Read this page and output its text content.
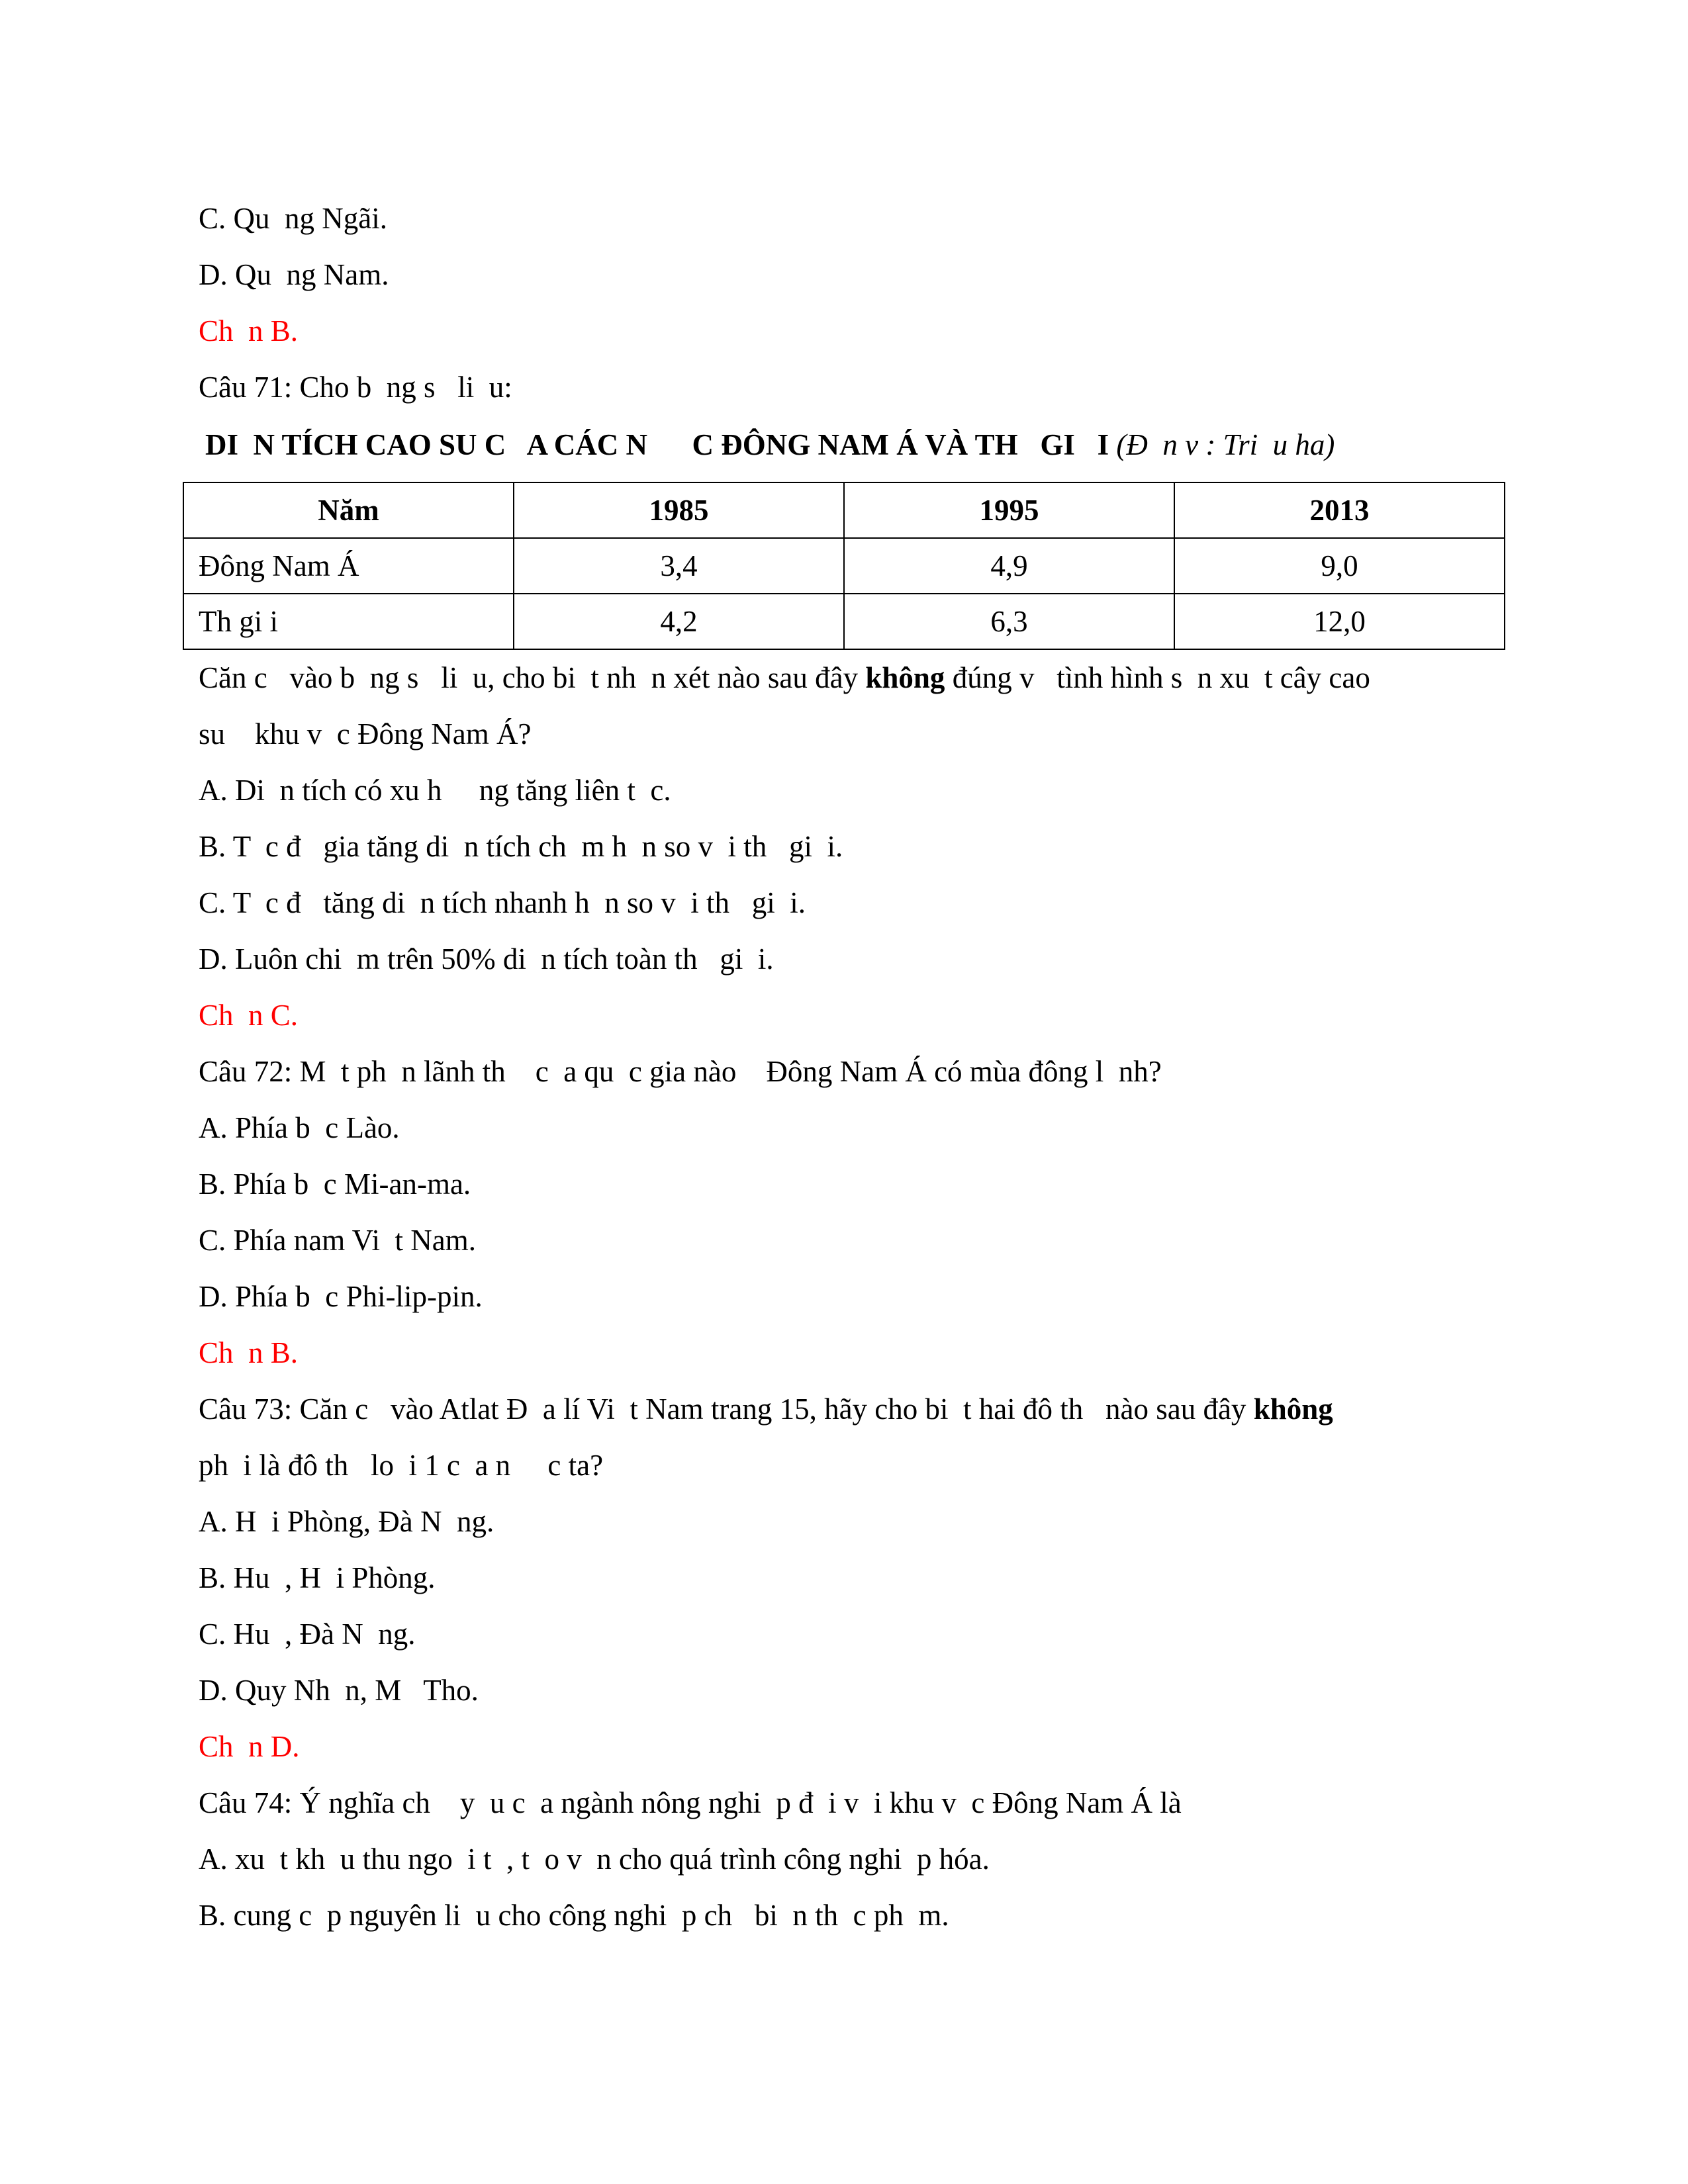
C. Qu  ng Ngãi.
D. Qu  ng Nam.
Ch  n B.
Câu 71: Cho b  ng s   li  u:
DI  N TÍCH CAO SU C   A CÁC N      C ĐÔNG NAM Á VÀ TH   GI   I (Đ  n v : Tri  u ha)
Năm	1985	1995	2013
Đông Nam Á	3,4	4,9	9,0
Th gi i	4,2	6,3	12,0
Căn c   vào b  ng s   li  u, cho bi  t nh  n xét nào sau đây không đúng v   tình hình s  n xu  t cây cao
su    khu v  c Đông Nam Á?
A. Di  n tích có xu h     ng tăng liên t  c.
B. T  c đ   gia tăng di  n tích ch  m h  n so v  i th   gi  i.
C. T  c đ   tăng di  n tích nhanh h  n so v  i th   gi  i.
D. Luôn chi  m trên 50% di  n tích toàn th   gi  i.
Ch  n C.
Câu 72: M  t ph  n lãnh th    c  a qu  c gia nào    Đông Nam Á có mùa đông l  nh?
A. Phía b  c Lào.
B. Phía b  c Mi-an-ma.
C. Phía nam Vi  t Nam.
D. Phía b  c Phi-lip-pin.
Ch  n B.
Câu 73: Căn c   vào Atlat Đ  a lí Vi  t Nam trang 15, hãy cho bi  t hai đô th   nào sau đây không
ph  i là đô th   lo  i 1 c  a n     c ta?
A. H  i Phòng, Đà N  ng.
B. Hu  , H  i Phòng.
C. Hu  , Đà N  ng.
D. Quy Nh  n, M   Tho.
Ch  n D.
Câu 74: Ý nghĩa ch    y  u c  a ngành nông nghi  p đ  i v  i khu v  c Đông Nam Á là
A. xu  t kh  u thu ngo  i t  , t  o v  n cho quá trình công nghi  p hóa.
B. cung c  p nguyên li  u cho công nghi  p ch   bi  n th  c ph  m.
